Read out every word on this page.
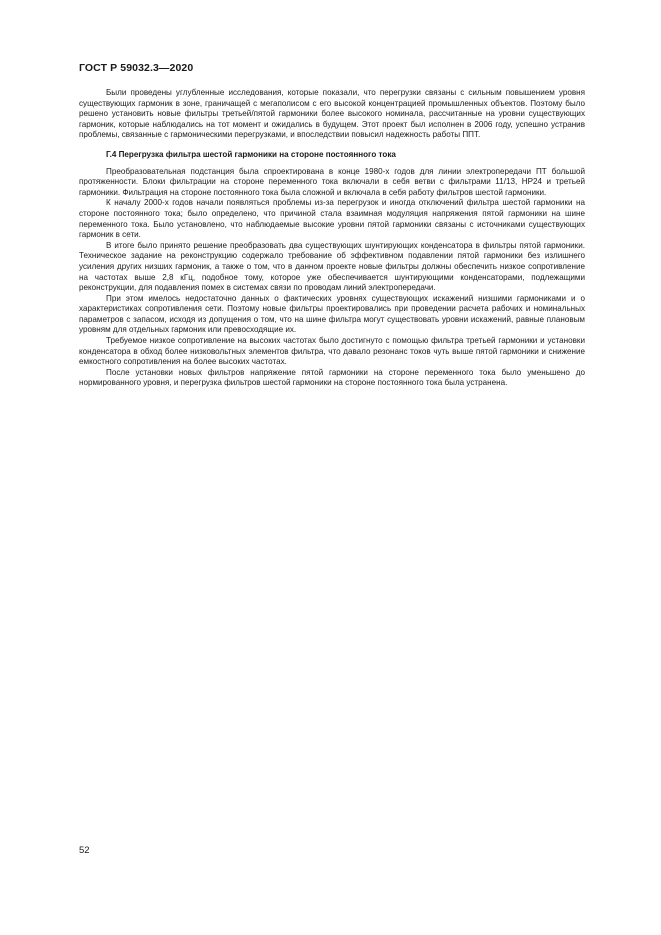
ГОСТ Р 59032.3—2020

Были проведены углубленные исследования, которые показали, что перегрузки связаны с сильным повышением уровня существующих гармоник в зоне, граничащей с мегаполисом с его высокой концентрацией промышленных объектов. Поэтому было решено установить новые фильтры третьей/пятой гармоники более высокого номинала, рассчитанные на уровни существующих гармоник, которые наблюдались на тот момент и ожидались в будущем. Этот проект был исполнен в 2006 году, успешно устранив проблемы, связанные с гармоническими перегрузками, и впоследствии повысил надежность работы ППТ.

Г.4 Перегрузка фильтра шестой гармоники на стороне постоянного тока

Преобразовательная подстанция была спроектирована в конце 1980-х годов для линии электропередачи ПТ большой протяженности. Блоки фильтрации на стороне переменного тока включали в себя ветви с фильтрами 11/13, HP24 и третьей гармоники. Фильтрация на стороне постоянного тока была сложной и включала в себя работу фильтров шестой гармоники.

К началу 2000-х годов начали появляться проблемы из-за перегрузок и иногда отключений фильтра шестой гармоники на стороне постоянного тока; было определено, что причиной стала взаимная модуляция напряжения пятой гармоники на шине переменного тока. Было установлено, что наблюдаемые высокие уровни пятой гармоники связаны с источниками существующих гармоник в сети.

В итоге было принято решение преобразовать два существующих шунтирующих конденсатора в фильтры пятой гармоники. Техническое задание на реконструкцию содержало требование об эффективном подавлении пятой гармоники без излишнего усиления других низших гармоник, а также о том, что в данном проекте новые фильтры должны обеспечить низкое сопротивление на частотах выше 2,8 кГц, подобное тому, которое уже обеспечивается шунтирующими конденсаторами, подлежащими реконструкции, для подавления помех в системах связи по проводам линий электропередачи.

При этом имелось недостаточно данных о фактических уровнях существующих искажений низшими гармониками и о характеристиках сопротивления сети. Поэтому новые фильтры проектировались при проведении расчета рабочих и номинальных параметров с запасом, исходя из допущения о том, что на шине фильтра могут существовать уровни искажений, равные плановым уровням для отдельных гармоник или превосходящие их.

Требуемое низкое сопротивление на высоких частотах было достигнуто с помощью фильтра третьей гармоники и установки конденсатора в обход более низковольтных элементов фильтра, что давало резонанс токов чуть выше пятой гармоники и снижение емкостного сопротивления на более высоких частотах.

После установки новых фильтров напряжение пятой гармоники на стороне переменного тока было уменьшено до нормированного уровня, и перегрузка фильтров шестой гармоники на стороне постоянного тока была устранена.

52
